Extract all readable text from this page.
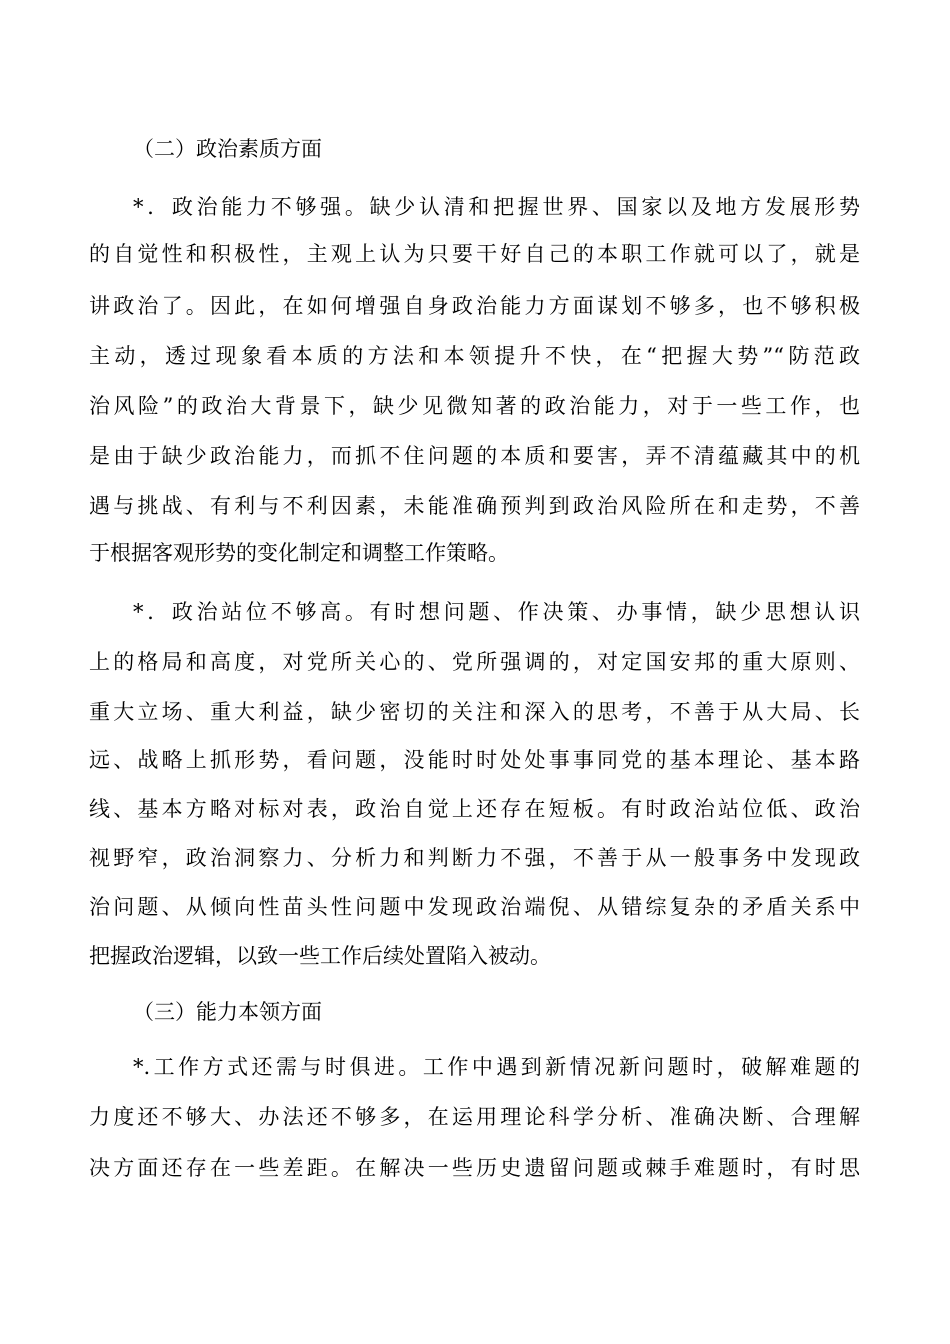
（二）政治素质方面
*．政治能力不够强。缺少认清和把握世界、国家以及地方发展形势
的自觉性和积极性，主观上认为只要干好自己的本职工作就可以了，就是
讲政治了。因此，在如何增强自身政治能力方面谋划不够多，也不够积极
主动，透过现象看本质的方法和本领提升不快，在“把握大势”“防范政
治风险”的政治大背景下，缺少见微知著的政治能力，对于一些工作，也
是由于缺少政治能力，而抓不住问题的本质和要害，弄不清蕴藏其中的机
遇与挑战、有利与不利因素，未能准确预判到政治风险所在和走势，不善
于根据客观形势的变化制定和调整工作策略。
*．政治站位不够高。有时想问题、作决策、办事情，缺少思想认识
上的格局和高度，对党所关心的、党所强调的，对定国安邦的重大原则、
重大立场、重大利益，缺少密切的关注和深入的思考，不善于从大局、长
远、战略上抓形势，看问题，没能时时处处事事同党的基本理论、基本路
线、基本方略对标对表，政治自觉上还存在短板。有时政治站位低、政治
视野窄，政治洞察力、分析力和判断力不强，不善于从一般事务中发现政
治问题、从倾向性苗头性问题中发现政治端倪、从错综复杂的矛盾关系中
把握政治逻辑，以致一些工作后续处置陷入被动。
（三）能力本领方面
*.工作方式还需与时俱进。工作中遇到新情况新问题时，破解难题的
力度还不够大、办法还不够多，在运用理论科学分析、准确决断、合理解
决方面还存在一些差距。在解决一些历史遗留问题或棘手难题时，有时思
